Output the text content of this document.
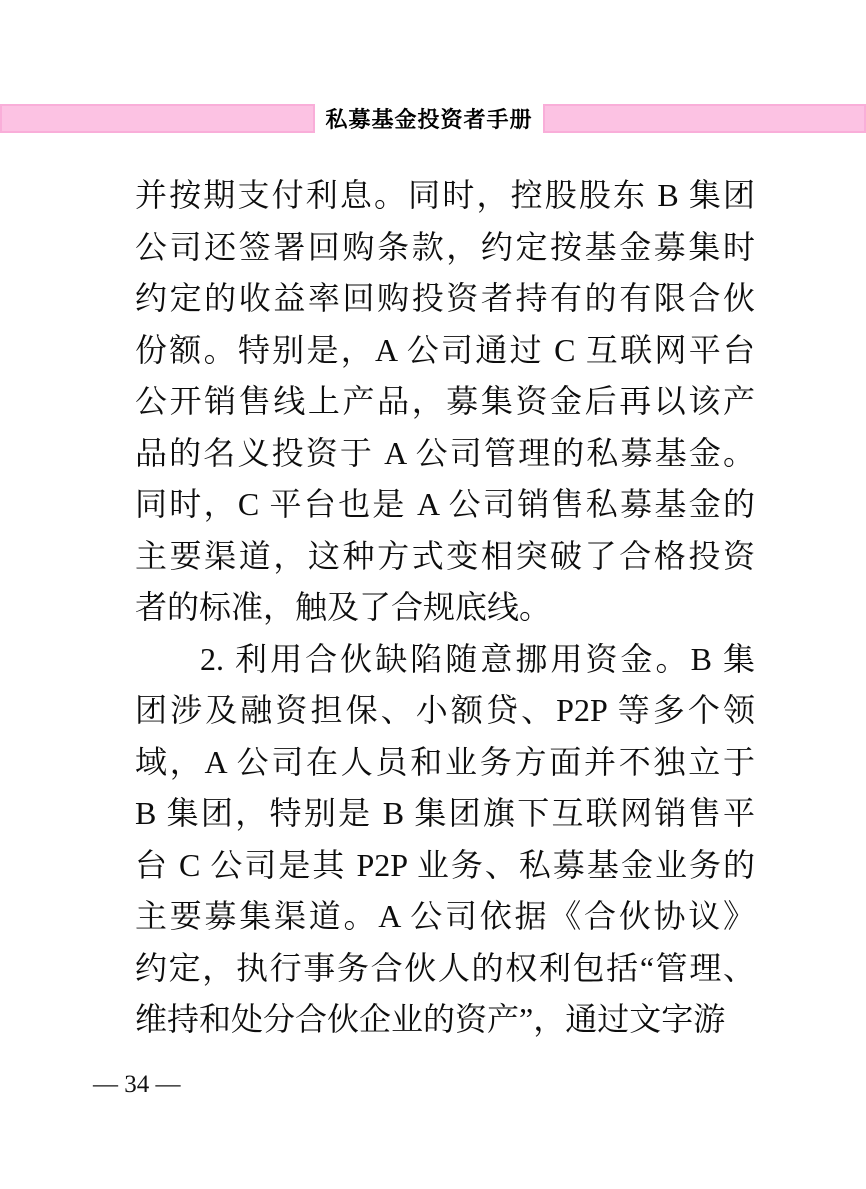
私募基金投资者手册
并按期支付利息。同时，控股股东 B 集团
公司还签署回购条款，约定按基金募集时
约定的收益率回购投资者持有的有限合伙
份额。特别是，A 公司通过 C 互联网平台
公开销售线上产品，募集资金后再以该产
品的名义投资于 A 公司管理的私募基金。
同时，C 平台也是 A 公司销售私募基金的
主要渠道，这种方式变相突破了合格投资
者的标准，触及了合规底线。
2. 利用合伙缺陷随意挪用资金。B 集
团涉及融资担保、小额贷、P2P 等多个领
域，A 公司在人员和业务方面并不独立于
B 集团，特别是 B 集团旗下互联网销售平
台 C 公司是其 P2P 业务、私募基金业务的
主要募集渠道。A 公司依据《合伙协议》
约定，执行事务合伙人的权利包括“管理、
维持和处分合伙企业的资产”，通过文字游
— 34 —
